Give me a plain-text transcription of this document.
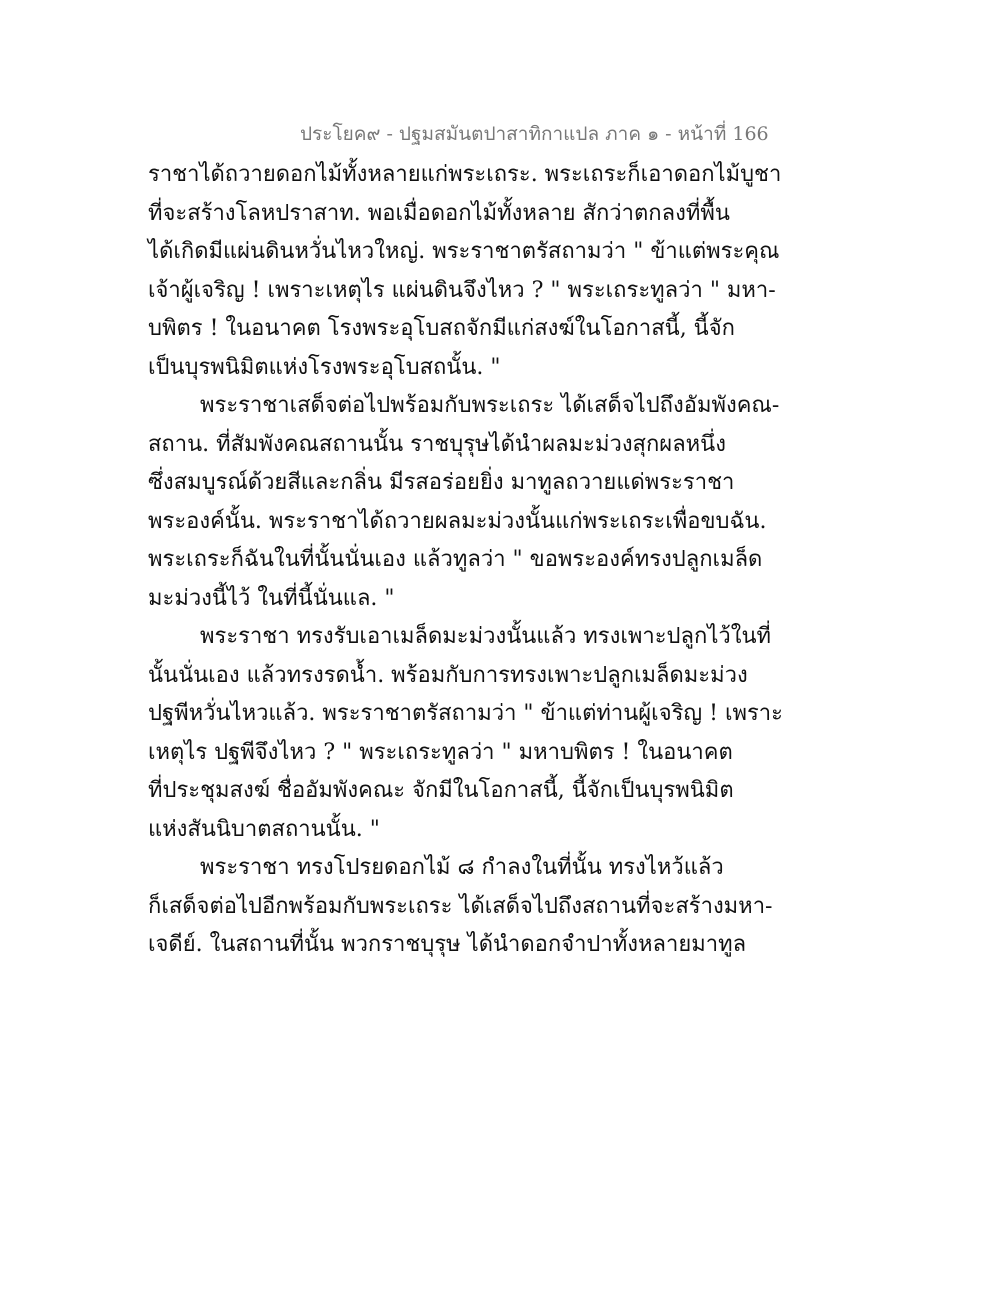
ประโยค๙ - ปฐมสมันตปาสาทิกาแปล ภาค ๑ - หน้าที่ 166
ราชาได้ถวายดอกไม้ทั้งหลายแก่พระเถระ. พระเถระก็เอาดอกไม้บูชา
ที่จะสร้างโลหปราสาท. พอเมื่อดอกไม้ทั้งหลาย สักว่าตกลงที่พื้น
ได้เกิดมีแผ่นดินหวั่นไหวใหญ่. พระราชาตรัสถามว่า " ข้าแต่พระคุณ
เจ้าผู้เจริญ ! เพราะเหตุไร แผ่นดินจึงไหว ? " พระเถระทูลว่า " มหา-
บพิตร ! ในอนาคต โรงพระอุโบสถจักมีแก่สงฆ์ในโอกาสนี้, นี้จัก
เป็นบุรพนิมิตแห่งโรงพระอุโบสถนั้น. "
พระราชาเสด็จต่อไปพร้อมกับพระเถระ ได้เสด็จไปถึงอัมพังคณ-
สถาน. ที่สัมพังคณสถานนั้น ราชบุรุษได้นำผลมะม่วงสุกผลหนึ่ง
ซึ่งสมบูรณ์ด้วยสีและกลิ่น มีรสอร่อยยิ่ง มาทูลถวายแด่พระราชา
พระองค์นั้น. พระราชาได้ถวายผลมะม่วงนั้นแก่พระเถระเพื่อขบฉัน.
พระเถระก็ฉันในที่นั้นนั่นเอง แล้วทูลว่า " ขอพระองค์ทรงปลูกเมล็ด
มะม่วงนี้ไว้ ในที่นี้นั่นแล. "
พระราชา ทรงรับเอาเมล็ดมะม่วงนั้นแล้ว ทรงเพาะปลูกไว้ในที่
นั้นนั่นเอง แล้วทรงรดน้ำ. พร้อมกับการทรงเพาะปลูกเมล็ดมะม่วง
ปฐพีหวั่นไหวแล้ว. พระราชาตรัสถามว่า " ข้าแต่ท่านผู้เจริญ ! เพราะ
เหตุไร ปฐพีจึงไหว ? " พระเถระทูลว่า " มหาบพิตร ! ในอนาคต
ที่ประชุมสงฆ์ ชื่ออัมพังคณะ จักมีในโอกาสนี้, นี้จักเป็นบุรพนิมิต
แห่งสันนิบาตสถานนั้น. "
พระราชา ทรงโปรยดอกไม้ ๘ กำลงในที่นั้น ทรงไหว้แล้ว
ก็เสด็จต่อไปอีกพร้อมกับพระเถระ ได้เสด็จไปถึงสถานที่จะสร้างมหา-
เจดีย์. ในสถานที่นั้น พวกราชบุรุษ ได้นำดอกจำปาทั้งหลายมาทูล
